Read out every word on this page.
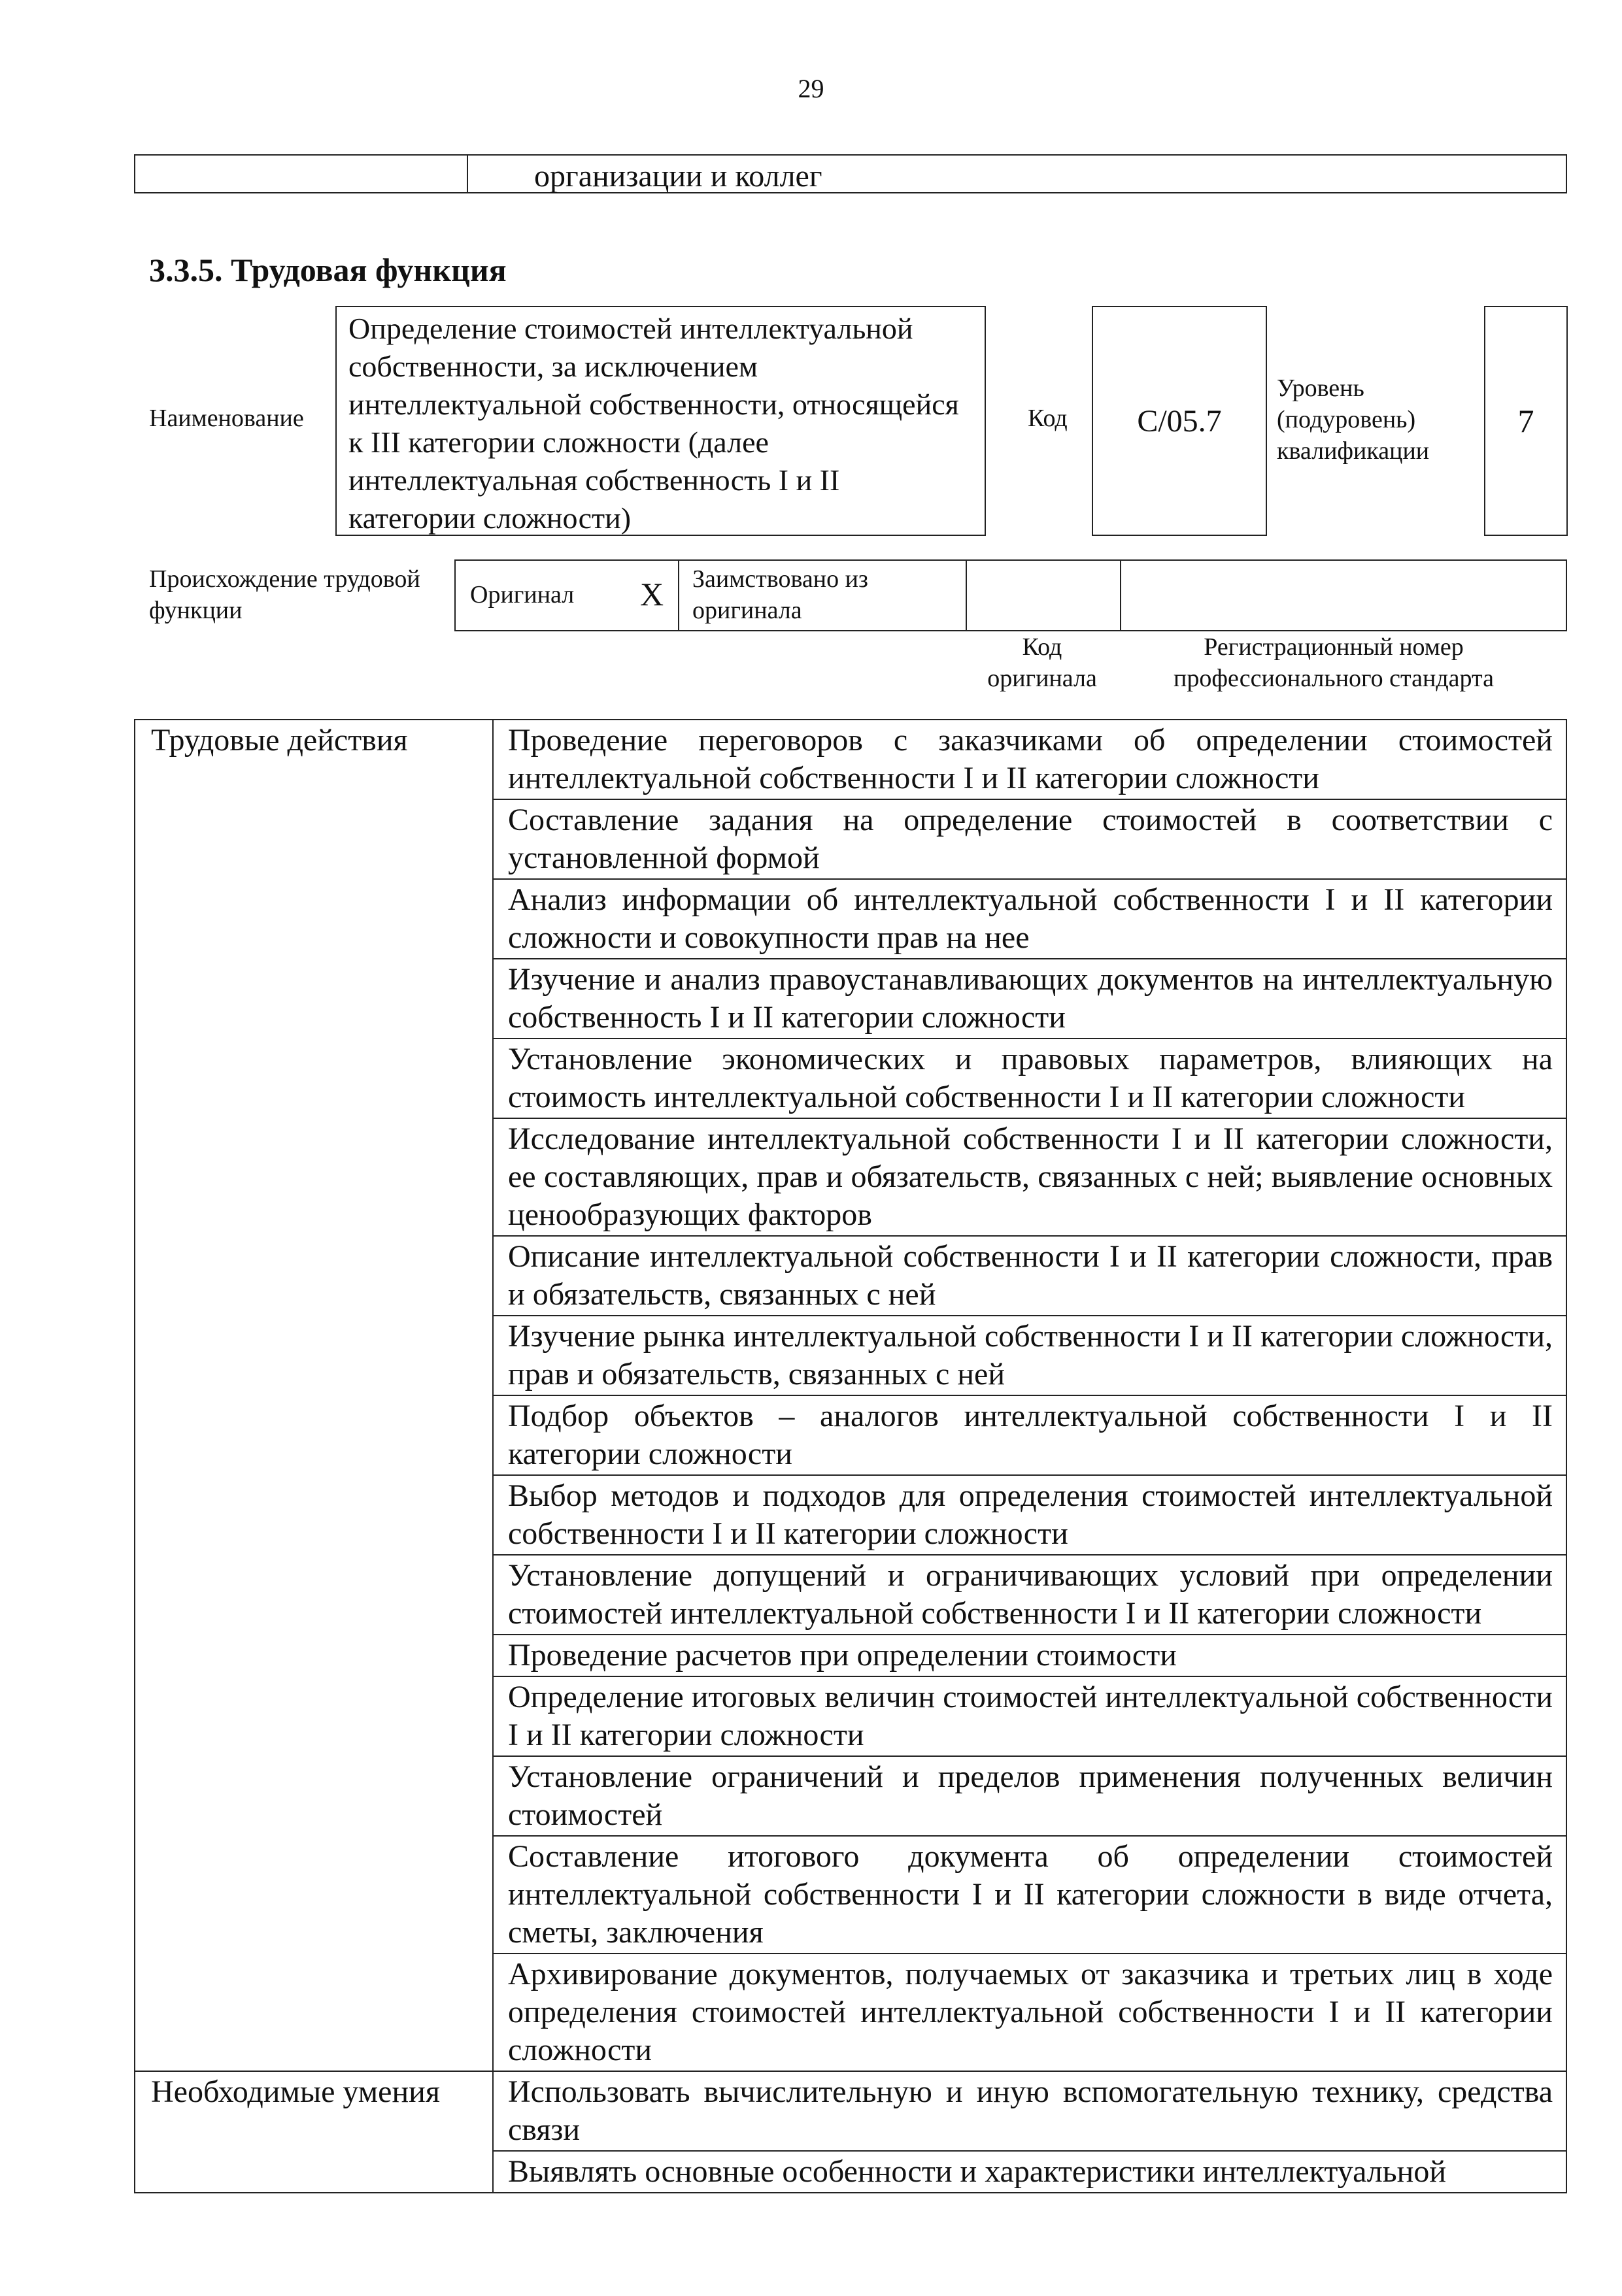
29
организации и коллег
3.3.5. Трудовая функция
Наименование
Определение стоимостей интеллектуальной собственности, за исключением интеллектуальной собственности, относящейся к III категории сложности (далее интеллектуальная собственность I и II категории сложности)
Код	C/05.7
Уровень (подуровень) квалификации
7
Происхождение трудовой функции
Оригинал X Заимствовано из оригинала
Код оригинала
Регистрационный номер профессионального стандарта
Трудовые действия	Проведение переговоров с заказчиками об определении стоимостей интеллектуальной собственности I и II категории сложности
	Составление задания на определение стоимостей в соответствии с установленной формой
	Анализ информации об интеллектуальной собственности I и II категории сложности и совокупности прав на нее
	Изучение и анализ правоустанавливающих документов на интеллектуальную собственность I и II категории сложности
	Установление экономических и правовых параметров, влияющих на стоимость интеллектуальной собственности I и II категории сложности
	Исследование интеллектуальной собственности I и II категории сложности, ее составляющих, прав и обязательств, связанных с ней; выявление основных ценообразующих факторов
	Описание интеллектуальной собственности I и II категории сложности, прав и обязательств, связанных с ней
	Изучение рынка интеллектуальной собственности I и II категории сложности, прав и обязательств, связанных с ней
	Подбор объектов – аналогов интеллектуальной собственности I и II категории сложности
	Выбор методов и подходов для определения стоимостей интеллектуальной собственности I и II категории сложности
	Установление допущений и ограничивающих условий при определении стоимостей интеллектуальной собственности I и II категории сложности
	Проведение расчетов при определении стоимости
	Определение итоговых величин стоимостей интеллектуальной собственности I и II категории сложности
	Установление ограничений и пределов применения полученных величин стоимостей
	Составление итогового документа об определении стоимостей интеллектуальной собственности I и II категории сложности в виде отчета, сметы, заключения
	Архивирование документов, получаемых от заказчика и третьих лиц в ходе определения стоимостей интеллектуальной собственности I и II категории сложности
Необходимые умения	Использовать вычислительную и иную вспомогательную технику, средства связи
	Выявлять основные особенности и характеристики интеллектуальной
